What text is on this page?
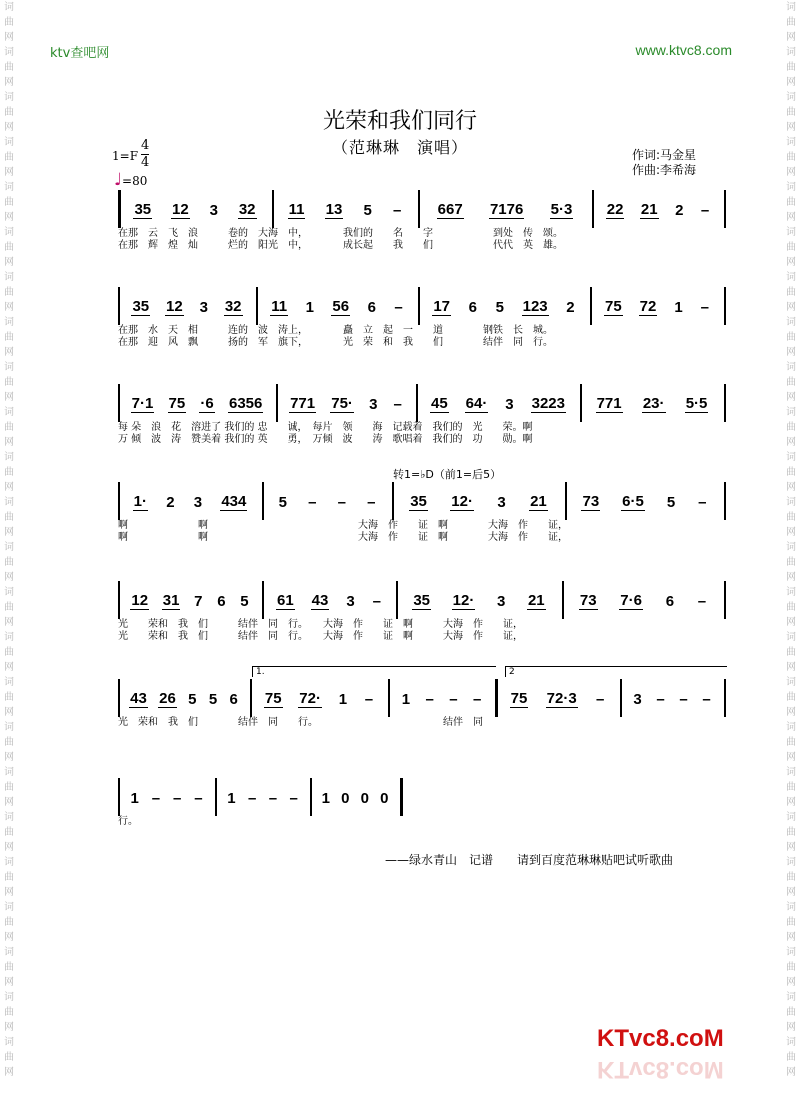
词曲网词曲网词曲网词曲网词曲网词曲网词曲网词曲网词曲网词曲网词曲网词曲网词曲网词曲网词曲网词曲网词曲网词曲网词曲网词曲网词曲网词曲网词曲网词曲网
词曲网词曲网词曲网词曲网词曲网词曲网词曲网词曲网词曲网词曲网词曲网词曲网词曲网词曲网词曲网词曲网词曲网词曲网词曲网词曲网词曲网词曲网词曲网词曲网
ktv查吧网	www.ktvc8.com
光荣和我们同行
（范琳琳　演唱）	作词:马金星
作曲:李希海
1=F
4
4
♩=80
35 12 3 32 11 13 5 – 667 7176 5·3 22 21 2 –
在那　云　飞　浪　　　卷的　大海　中，　　　　我们的　　名　　字　　　　　　到处　传　颂。
在那　辉　煌　灿　　　烂的　阳光　中，　　　　成长起　　我　　们　　　　　　代代　英　雄。
35 12 3 32 11 1 56 6 – 17 6 5 123 2 75 72 1 –
在那　水　天　相　　　连的　波　涛上，　　　　矗　立　起　一　　道　　　　钢铁　长　城。
在那　迎　风　飘　　　扬的　军　旗下，　　　　光　荣　和　我　　们　　　　结伴　同　行。
7·1 75 ·6 6356 771 75· 3 – 45 64· 3 3223 771 23· 5·5
每 朵　浪　花　溶进了 我们的 忠　　诚，　每片　领　　海　记载着　我们的　光　　荣。啊
万 倾　波　涛　赞美着 我们的 英　　勇，　万倾　波　　涛　歌唱着　我们的　功　　勋。啊
1· 2 3 434 5 – – – 35 12· 3 21 73 6·5 5 –
啊　　　　　　　啊　　　　　　　　　　　　　　　大海　作　　证　啊　　　　大海　作　　证，
啊　　　　　　　啊　　　　　　　　　　　　　　　大海　作　　证　啊　　　　大海　作　　证，
12 31 7 6 5 61 43 3 – 35 12· 3 21 73 7·6 6 –
光　　荣和　我　们　　　结伴　同　行。　　大海　作　　证　啊　　　大海　作　　证，
光　　荣和　我　们　　　结伴　同　行。　　大海　作　　证　啊　　　大海　作　　证，
43 26 5 5 6 75 72· 1 – 1 – – – 75 72·3 – 3 – – –
光　荣和　我　们　　　　结伴　同　　行。　　　　　　　　　　　　　结伴　同
1 – – – 1 – – – 1 0 0 0
行。
转1=♭D（前1=后5）
——绿水青山　记谱　　请到百度范琳琳贴吧试听歌曲
KTvc8.coM
KTvc8.coM
1.	2
